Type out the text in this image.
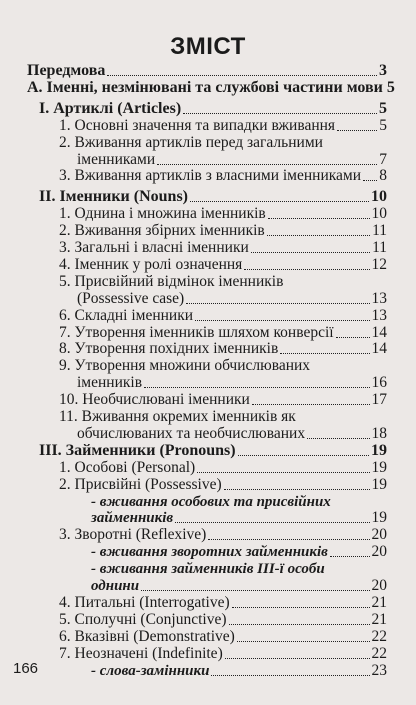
ЗМІСТ
Передмова	3
А. Іменні, незмінювані та службові частини мови 5
І. Артиклі (Articles)	5
1. Основні значення та випадки вживання	5
2. Вживання артиклів перед загальними
іменниками	7
3. Вживання артиклів з власними іменниками 8
ІІ. Іменники (Nouns)	10
1. Однина і множина іменників	10
2. Вживання збірних іменників	11
3. Загальні і власні іменники	11
4. Іменник у ролі означення	12
5. Присвійний відмінок іменників
(Possessive case)	13
6. Складні іменники	13
7. Утворення іменників шляхом конверсії 14
8. Утворення похідних іменників	14
9. Утворення множини обчислюваних
іменників	16
10. Необчислювані іменники	17
11. Вживання окремих іменників як
обчислюваних та необчислюваних	18
ІІІ. Займенники (Pronouns)	19
1. Особові (Personal)	19
2. Присвійні (Possessive)	19
- вживання особових та присвійних
займенників	19
3. Зворотні (Reflexive)	20
- вживання зворотних займенників	20
- вживання займенників ІІІ-ї особи
однини	20
4. Питальні (Interrogative)	21
5. Сполучні (Conjunctive)	21
6. Вказівні (Demonstrative)	22
7. Неозначені (Indefinite)	22
- слова-замінники	23
166
